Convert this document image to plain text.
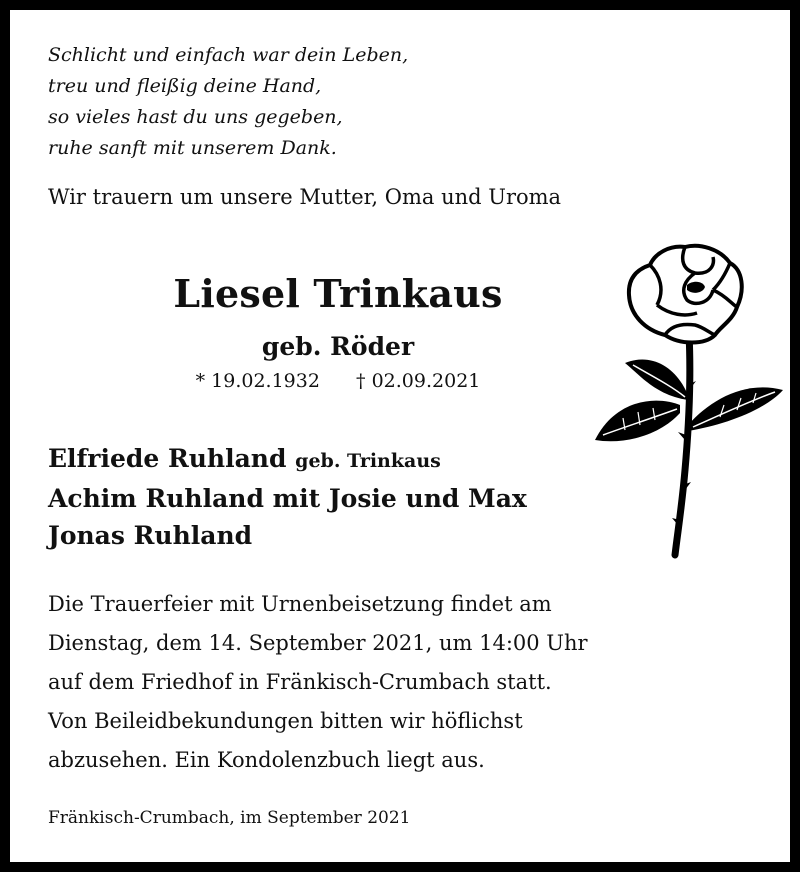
Schlicht und einfach war dein Leben,
treu und fleißig deine Hand,
so vieles hast du uns gegeben,
ruhe sanft mit unserem Dank.
Wir trauern um unsere Mutter, Oma und Uroma
Liesel Trinkaus
geb. Röder
* 19.02.1932 † 02.09.2021
Elfriede Ruhland geb. Trinkaus
Achim Ruhland mit Josie und Max
Jonas Ruhland
Die Trauerfeier mit Urnenbeisetzung findet am
Dienstag, dem 14. September 2021, um 14:00 Uhr
auf dem Friedhof in Fränkisch-Crumbach statt.
Von Beileidbekundungen bitten wir höflichst
abzusehen. Ein Kondolenzbuch liegt aus.
Fränkisch-Crumbach, im September 2021
